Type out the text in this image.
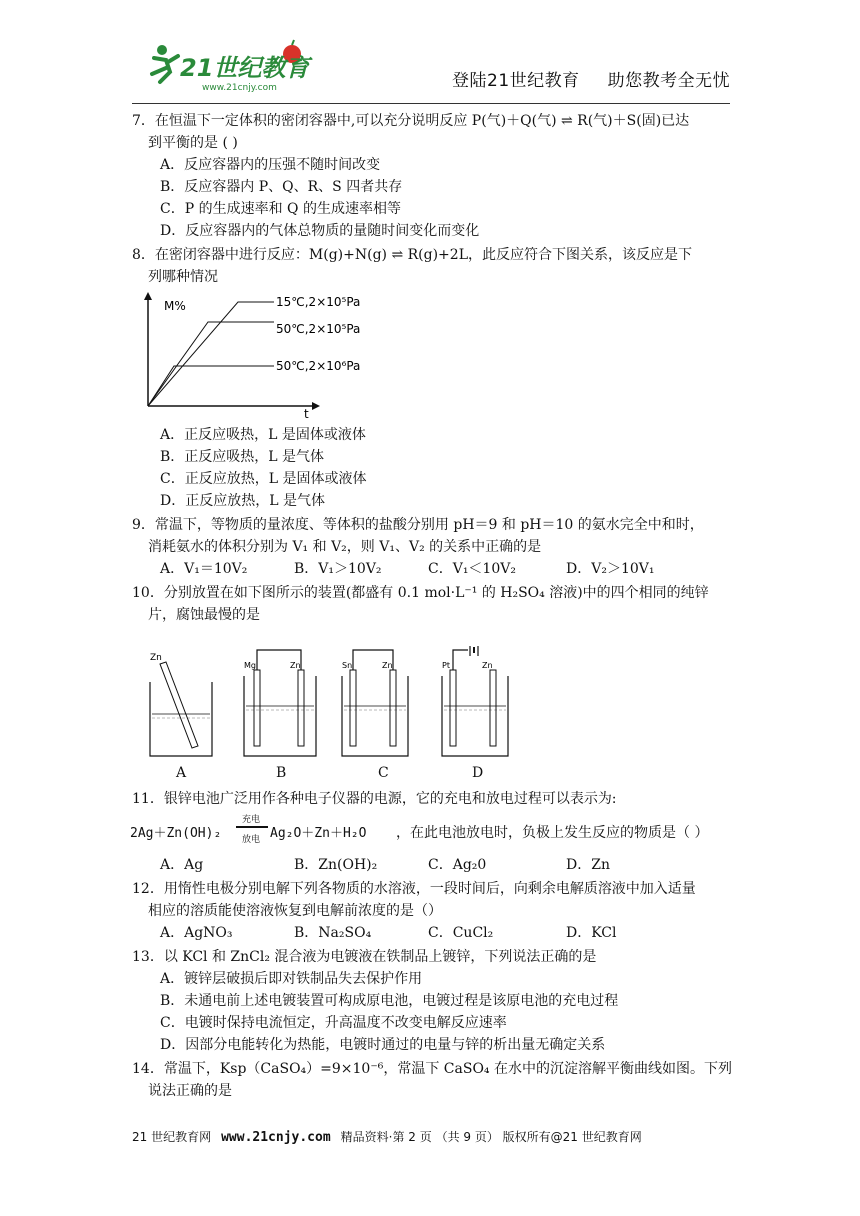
21世纪教育
www.21cnjy.com	登陆21世纪教育 助您教考全无忧
7．在恒温下一定体积的密闭容器中,可以充分说明反应 P(气)＋Q(气) ⇌ R(气)＋S(固)已达
到平衡的是 ( )
A．反应容器内的压强不随时间改变
B．反应容器内 P、Q、R、S 四者共存
C．P 的生成速率和 Q 的生成速率相等
D．反应容器内的气体总物质的量随时间变化而变化
8．在密闭容器中进行反应：M(g)+N(g) ⇌ R(g)+2L，此反应符合下图关系，该反应是下
列哪种情况
M%
t
15℃,2×10⁵Pa
50℃,2×10⁵Pa
50℃,2×10⁶Pa
A．正反应吸热，L 是固体或液体
B．正反应吸热，L 是气体
C．正反应放热，L 是固体或液体
D．正反应放热，L 是气体
9．常温下，等物质的量浓度、等体积的盐酸分别用 pH＝9 和 pH＝10 的氨水完全中和时，
消耗氨水的体积分别为 V₁ 和 V₂，则 V₁、V₂ 的关系中正确的是
A．V₁＝10V₂	B．V₁＞10V₂	C．V₁＜10V₂	D．V₂＞10V₁
10．分别放置在如下图所示的装置(都盛有 0.1 mol·L⁻¹ 的 H₂SO₄ 溶液)中的四个相同的纯锌
片，腐蚀最慢的是
Zn
Mg	Zn	Sn	Zn	Pt	Zn
A	B	C	D
11．银锌电池广泛用作各种电子仪器的电源，它的充电和放电过程可以表示为:
2Ag＋Zn(OH)₂
充电
放电 Ag₂O＋Zn＋H₂O ，在此电池放电时，负极上发生反应的物质是（ ）
A．Ag	B．Zn(OH)₂	C．Ag₂0	D．Zn
12．用惰性电极分别电解下列各物质的水溶液，一段时间后，向剩余电解质溶液中加入适量
相应的溶质能使溶液恢复到电解前浓度的是（）
A．AgNO₃	B．Na₂SO₄	C．CuCl₂	D．KCl
13．以 KCl 和 ZnCl₂ 混合液为电镀液在铁制品上镀锌，下列说法正确的是
A．镀锌层破损后即对铁制品失去保护作用
B．未通电前上述电镀装置可构成原电池，电镀过程是该原电池的充电过程
C．电镀时保持电流恒定，升高温度不改变电解反应速率
D．因部分电能转化为热能，电镀时通过的电量与锌的析出量无确定关系
14．常温下，Ksp（CaSO₄）=9×10⁻⁶，常温下 CaSO₄ 在水中的沉淀溶解平衡曲线如图。下列
说法正确的是
21 世纪教育网 www.21cnjy.com 精品资料·第 2 页 （共 9 页） 版权所有@21 世纪教育网
